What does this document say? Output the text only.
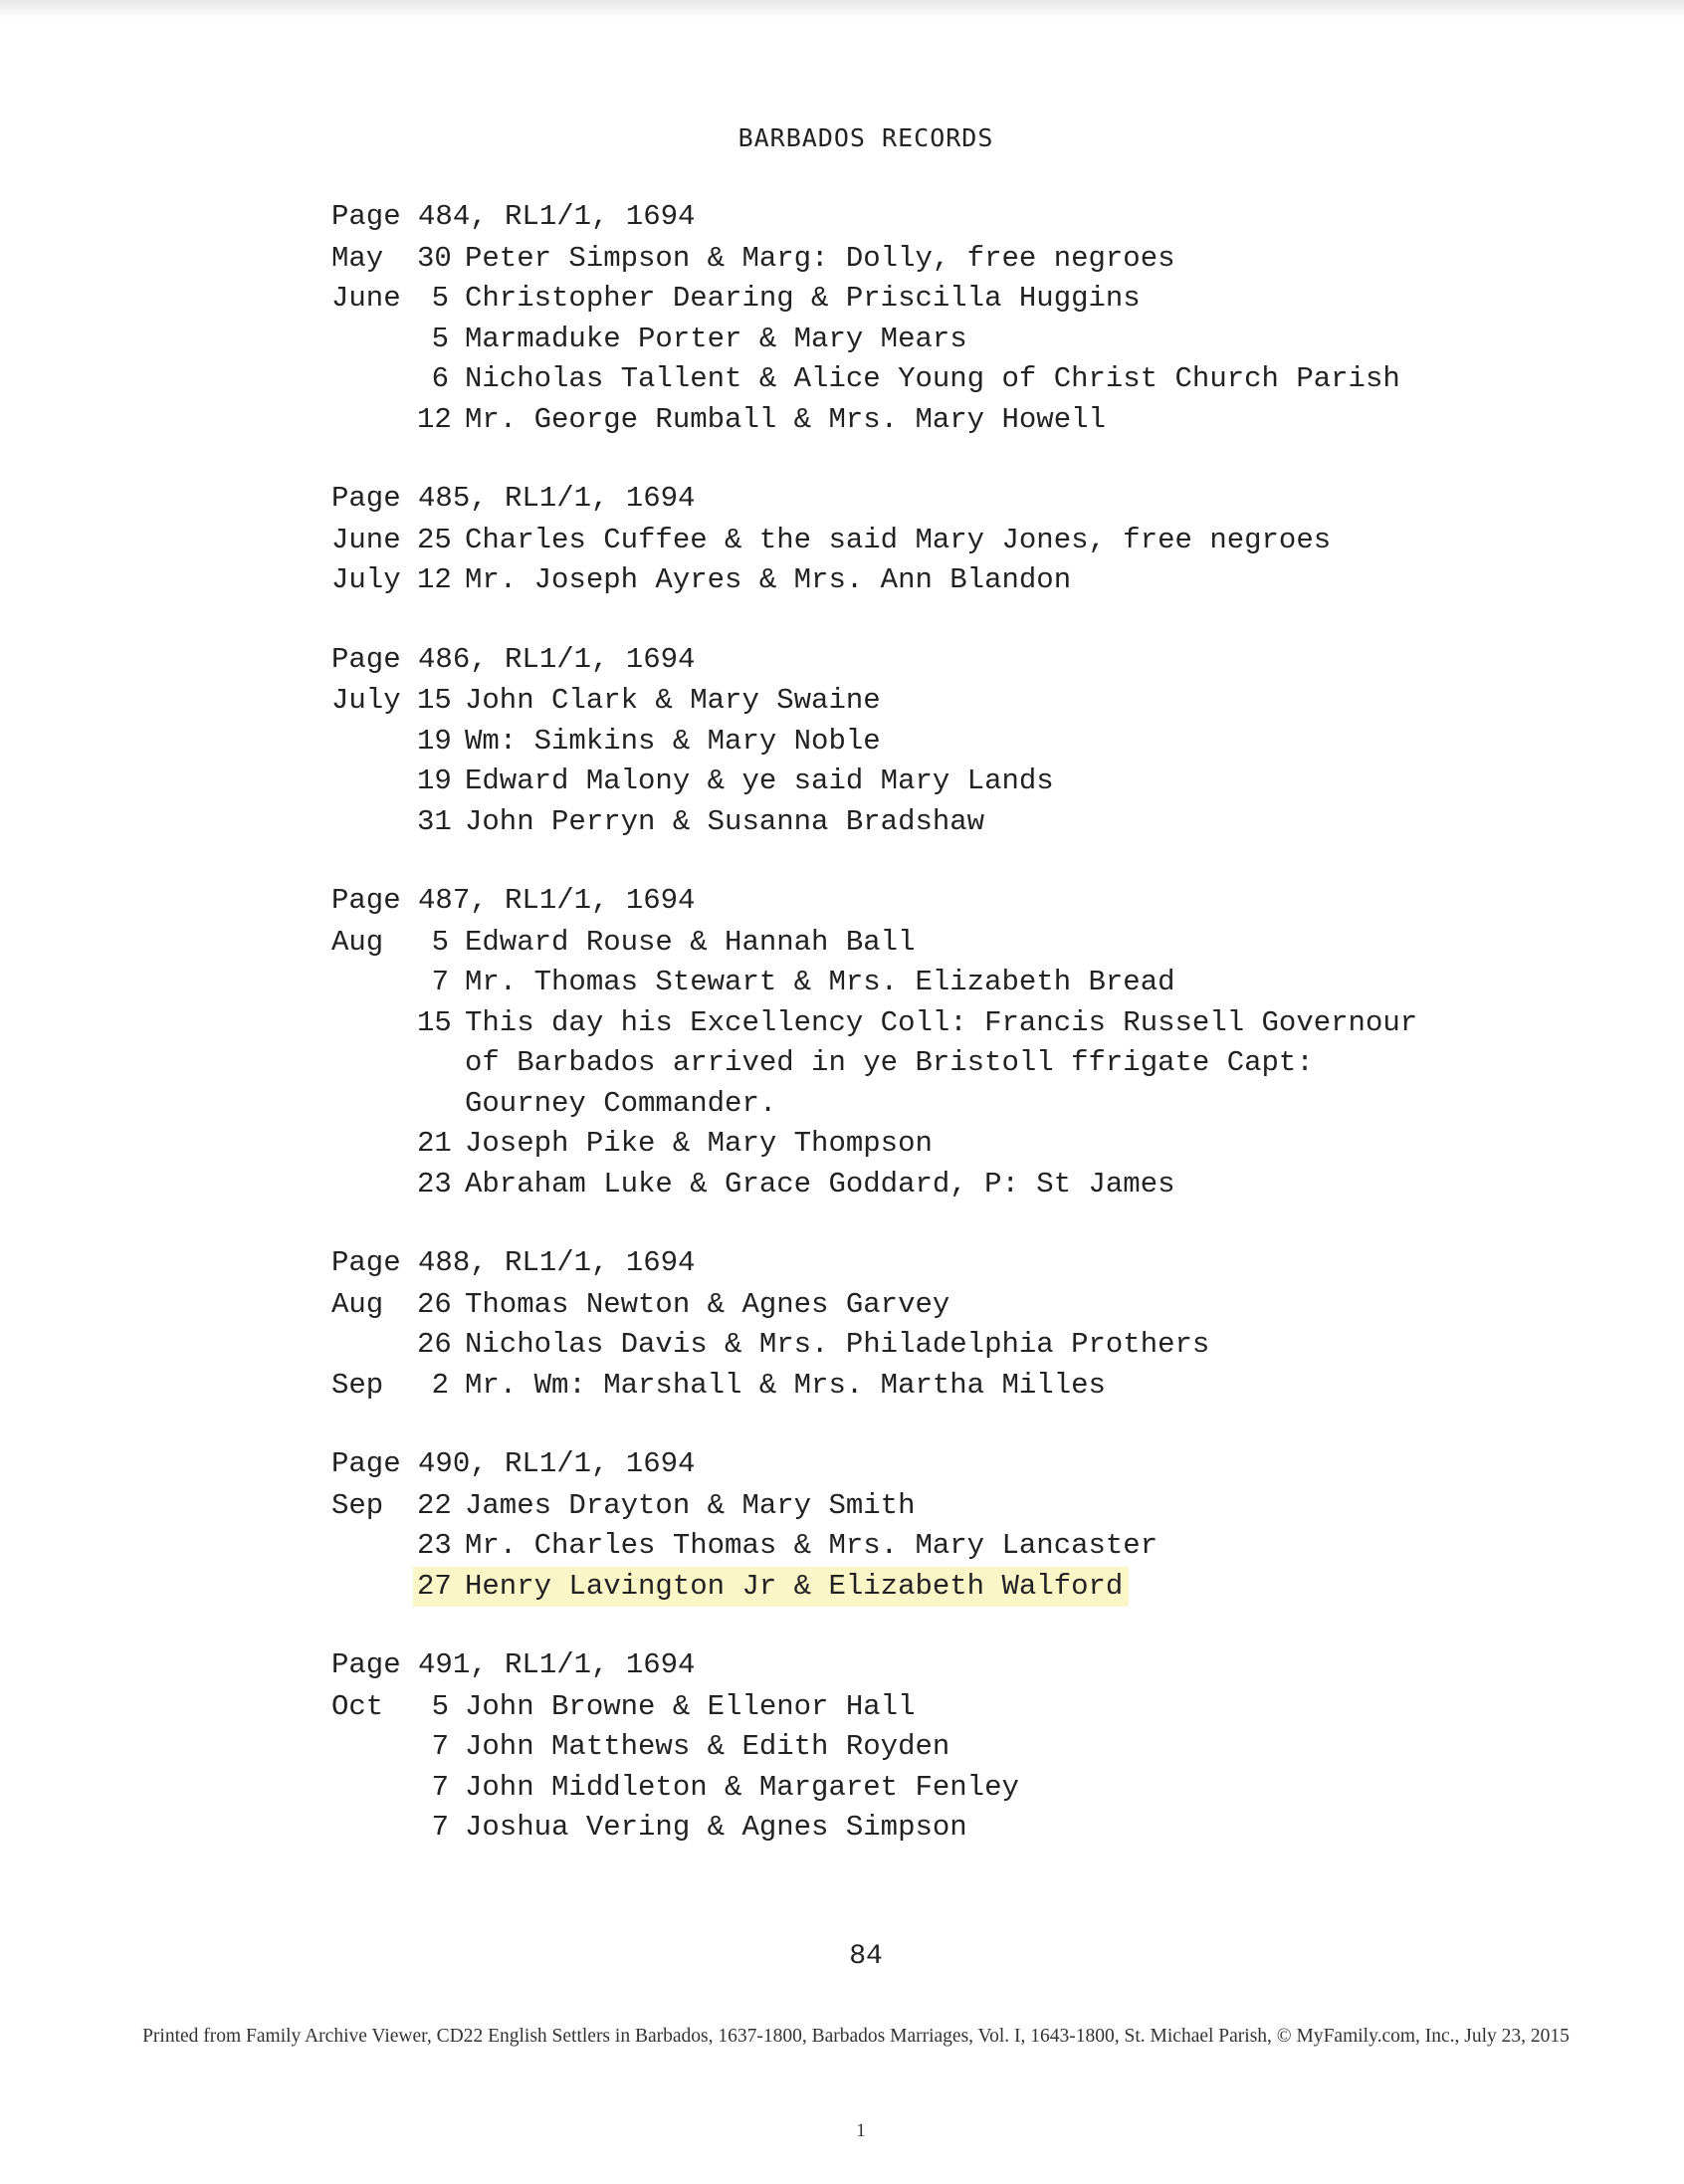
BARBADOS RECORDS
Page 484, RL1/1, 1694
May	30 Peter Simpson & Marg: Dolly, free negroes
June	5 Christopher Dearing & Priscilla Huggins
5 Marmaduke Porter & Mary Mears
6 Nicholas Tallent & Alice Young of Christ Church Parish
12 Mr. George Rumball & Mrs. Mary Howell
Page 485, RL1/1, 1694
June 25 Charles Cuffee & the said Mary Jones, free negroes
July 12 Mr. Joseph Ayres & Mrs. Ann Blandon
Page 486, RL1/1, 1694
July 15 John Clark & Mary Swaine
19 Wm: Simkins & Mary Noble
19 Edward Malony & ye said Mary Lands
31 John Perryn & Susanna Bradshaw
Page 487, RL1/1, 1694
Aug	5 Edward Rouse & Hannah Ball
7 Mr. Thomas Stewart & Mrs. Elizabeth Bread
15 This day his Excellency Coll: Francis Russell Governour of Barbados arrived in ye Bristoll ffrigate Capt: Gourney Commander.
21 Joseph Pike & Mary Thompson
23 Abraham Luke & Grace Goddard, P: St James
Page 488, RL1/1, 1694
Aug	26 Thomas Newton & Agnes Garvey
26 Nicholas Davis & Mrs. Philadelphia Prothers
Sep	2 Mr. Wm: Marshall & Mrs. Martha Milles
Page 490, RL1/1, 1694
Sep	22 James Drayton & Mary Smith
23 Mr. Charles Thomas & Mrs. Mary Lancaster
27 Henry Lavington Jr & Elizabeth Walford
Page 491, RL1/1, 1694
Oct	5 John Browne & Ellenor Hall
7 John Matthews & Edith Royden
7 John Middleton & Margaret Fenley
7 Joshua Vering & Agnes Simpson
84
Printed from Family Archive Viewer, CD22 English Settlers in Barbados, 1637-1800, Barbados Marriages, Vol. I, 1643-1800, St. Michael Parish, © MyFamily.com, Inc., July 23, 2015
1
